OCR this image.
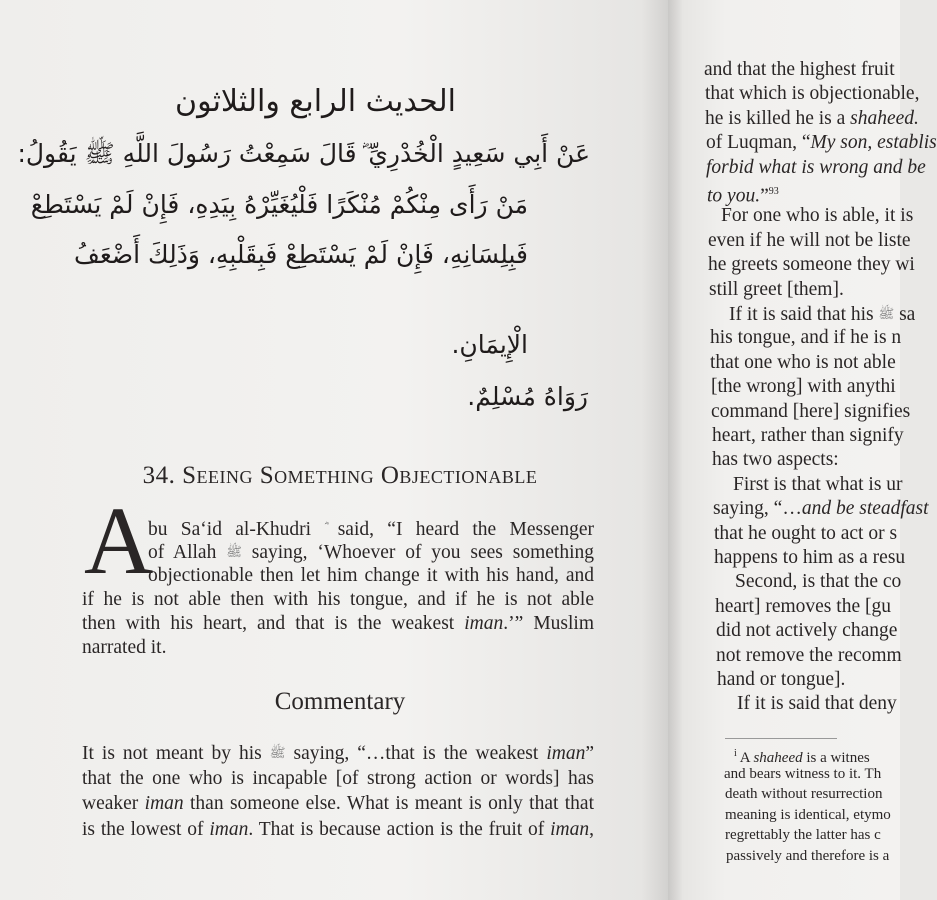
الحديث الرابع والثلاثون
عَنْ أَبِي سَعِيدٍ الْخُدْرِيِّ ؓ قَالَ سَمِعْتُ رَسُولَ اللَّهِ ﷺ يَقُولُ:
مَنْ رَأَى مِنْكُمْ مُنْكَرًا فَلْيُغَيِّرْهُ بِيَدِهِ، فَإِنْ لَمْ يَسْتَطِعْ
فَبِلِسَانِهِ، فَإِنْ لَمْ يَسْتَطِعْ فَبِقَلْبِهِ، وَذَلِكَ أَضْعَفُ
الْإِيمَانِ.
رَوَاهُ مُسْلِمٌ.
34. Seeing Something Objectionable
A
bu Sa‘id al-Khudri said, “I heard the Messenger
of Allah ﷺ saying, ‘Whoever of you sees something
objectionable then let him change it with his hand, and
if he is not able then with his tongue, and if he is not able
then with his heart, and that is the weakest iman.’” Muslim
narrated it.
Commentary
It is not meant by his ﷺ saying, “…that is the weakest iman”
that the one who is incapable [of strong action or words] has
weaker iman than someone else. What is meant is only that that
is the lowest of iman. That is because action is the fruit of iman,
and that the highest fruit
that which is objectionable,
he is killed he is a shaheed.
of Luqman, “My son, establis
forbid what is wrong and be
to you.”$^{93}$
For one who is able, it is
even if he will not be liste
he greets someone they wi
still greet [them].
If it is said that his ﷺ sa
his tongue, and if he is n
that one who is not able
[the wrong] with anythi
command [here] signifies
heart, rather than signify
has two aspects:
First is that what is ur
saying, “…and be steadfast
that he ought to act or s
happens to him as a resu
Second, is that the co
heart] removes the [gu
did not actively change
not remove the recomm
hand or tongue].
If it is said that deny
$^i$ A shaheed is a witnes
and bears witness to it. Th
death without resurrection
meaning is identical, etymo
regrettably the latter has c
passively and therefore is a
